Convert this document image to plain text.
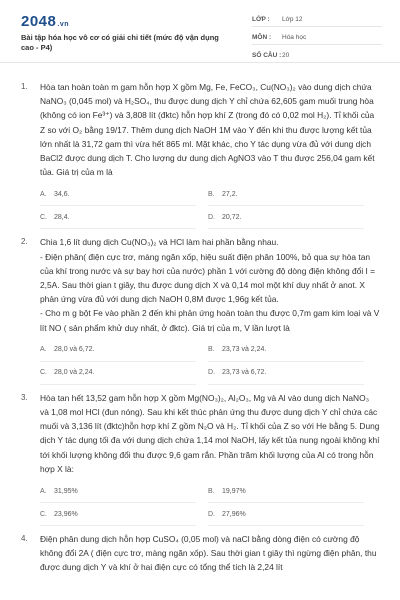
2048.vn
Bài tập hóa học vô cơ có giải chi tiết (mức độ vận dụng cao - P4)
LỚP :	Lớp 12
MÔN :	Hóa học
SỐ CÂU : 20
1. Hòa tan hoàn toàn m gam hỗn hợp X gồm Mg, Fe, FeCO₃, Cu(NO₃)₂ vào dung dịch chứa NaNO₃ (0,045 mol) và H₂SO₄, thu được dung dịch Y chỉ chứa 62,605 gam muối trung hòa (không có ion Fe³⁺) và 3,808 lít (đktc) hỗn hợp khí Z (trong đó có 0,02 mol H₂). Tỉ khối của Z so với O₂ bằng 19/17. Thêm dung dịch NaOH 1M vào Y đến khi thu được lượng kết tủa lớn nhất là 31,72 gam thì vừa hết 865 ml. Mặt khác, cho Y tác dụng vừa đủ với dung dịch BaCl2 được dung dịch T. Cho lượng dư dung dịch AgNO3 vào T thu được 256,04 gam kết tủa. Giá trị của m là

A.	34,6.	B.	27,2.
C.	28,4.	D.	20,72.
2. Chia 1,6 lít dung dịch Cu(NO₃)₂ và HCl làm hai phần bằng nhau.

- Điện phân( điện cực trơ, màng ngăn xốp, hiệu suất điện phân 100%, bỏ qua sự hòa tan của khí trong nước và sự bay hơi của nước) phần 1 với cường độ dòng điện không đổi I = 2,5A. Sau thời gian t giây, thu được dung dịch X và 0,14 mol một khí duy nhất ở anot. X phản ứng vừa đủ với dung dịch NaOH 0,8M được 1,96g kết tủa.

- Cho m g bột Fe vào phần 2 đến khi phản ứng hoàn toàn thu được 0,7m gam kim loại và V lít NO ( sản phẩm khử duy nhất, ở đktc). Giá trị của m, V lần lượt là

A.	28,0 và 6,72.	B.	23,73 và 2,24.
C.	28,0 và 2,24.	D.	23,73 và 6,72.
3. Hòa tan hết 13,52 gam hỗn hợp X gồm Mg(NO₃)₂, Al₂O₃, Mg và Al vào dung dịch NaNO₃ và 1,08 mol HCl (đun nóng). Sau khi kết thúc phản ứng thu được dung dịch Y chỉ chứa các muối và 3,136 lít (đktc)hỗn hợp khí Z gồm N₂O và H₂. Tỉ khối của Z so với He bằng 5. Dung dịch Y tác dụng tối đa với dung dịch chứa 1,14 mol NaOH, lấy kết tủa nung ngoài không khí tới khối lượng không đổi thu được 9,6 gam rắn. Phần trăm khối lượng của Al có trong hỗn hợp X là:

A.	31,95%	B.	19,97%
C.	23,96%	D.	27,96%
4. Điện phân dung dịch hỗn hợp CuSO₄ (0,05 mol) và naCl bằng dòng điện có cường độ không đổi 2A ( điện cực trơ, màng ngăn xốp). Sau thời gian t giây thì ngừng điện phân, thu được dung dịch Y và khí ở hai điện cực có tổng thể tích là 2,24 lít
